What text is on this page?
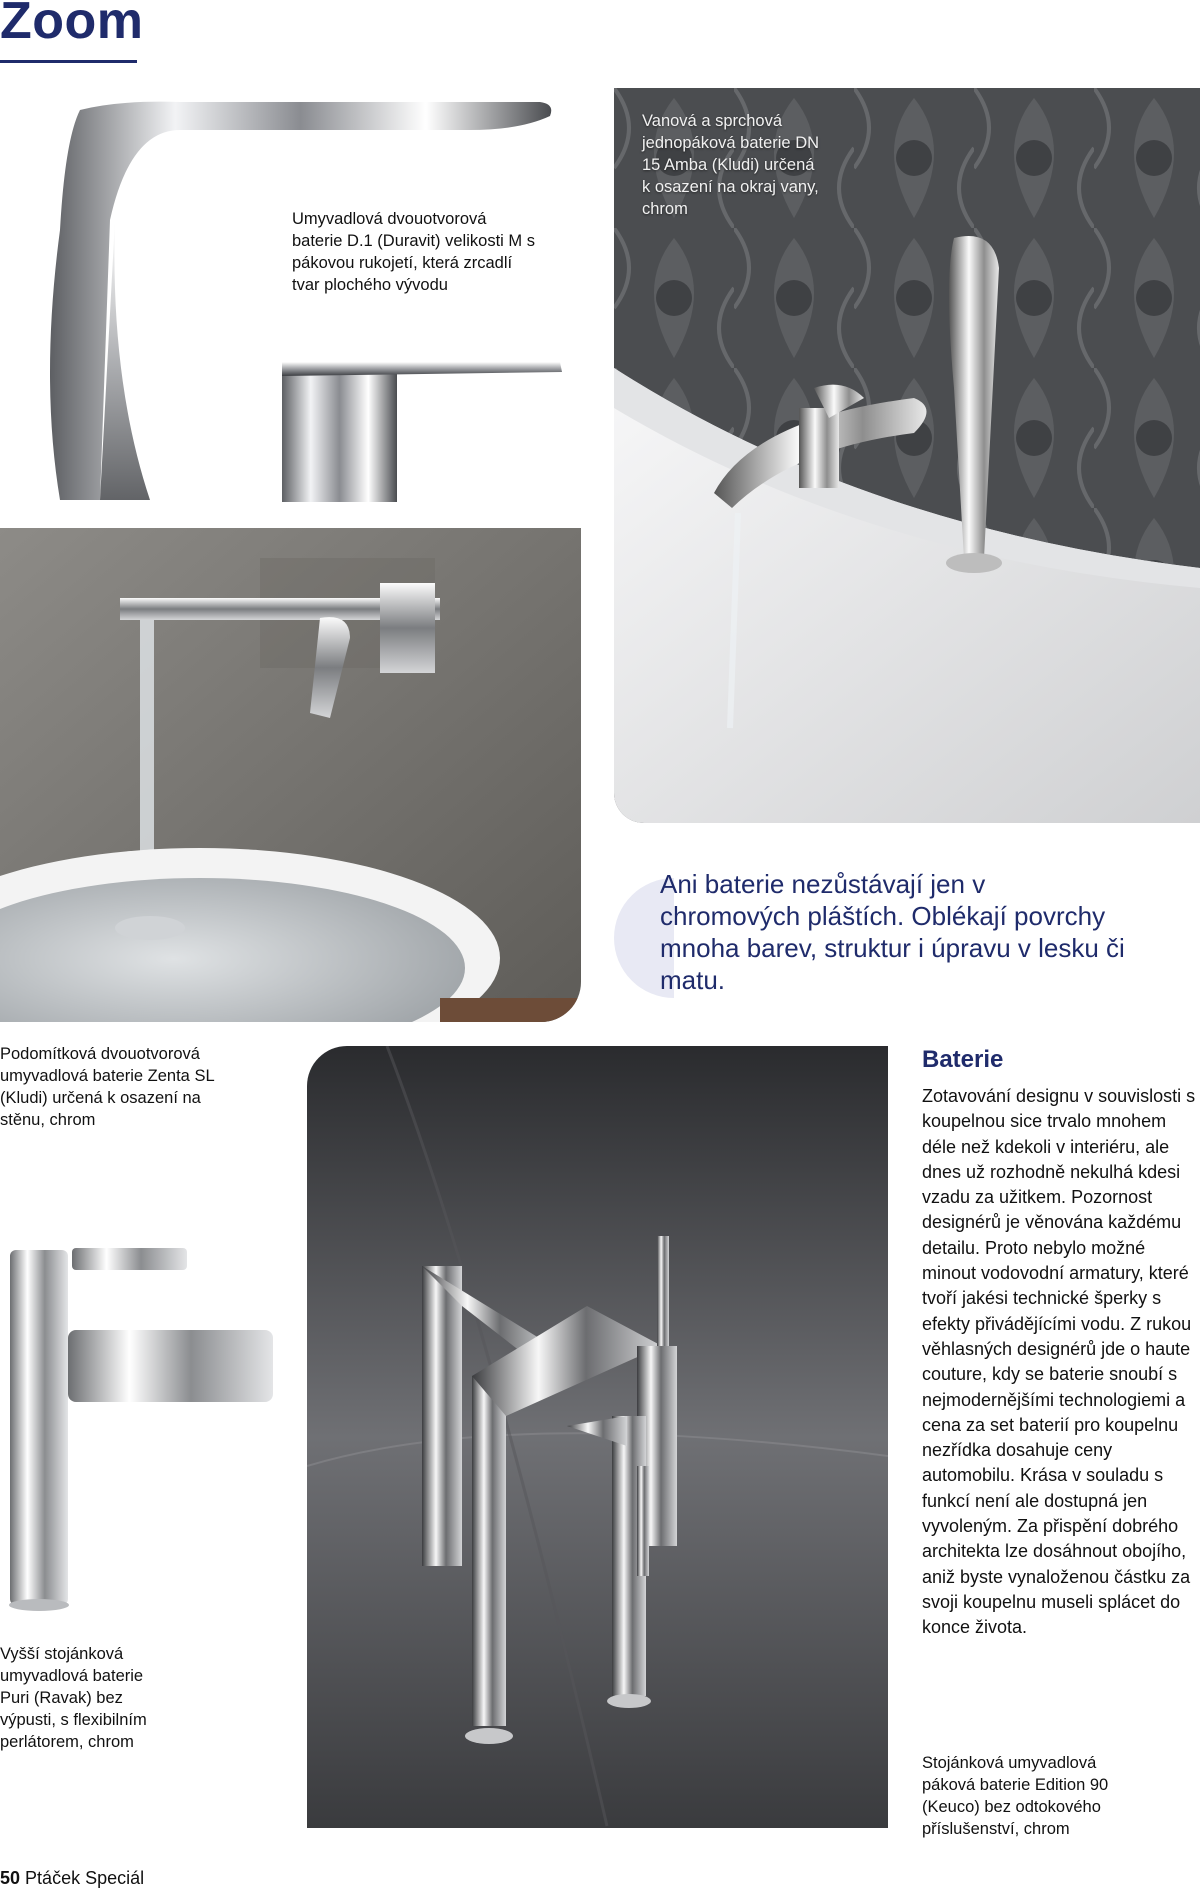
Zoom
Umyvadlová dvouotvorová baterie D.1 (Duravit) velikosti M s pákovou rukojetí, která zrcadlí tvar plochého vývodu
Vanová a sprchová jednopáková baterie DN 15 Amba (Kludi) určená k osazení na okraj vany, chrom
Ani baterie nezůstávají jen v chromových pláštích. Oblékají povrchy mnoha barev, struktur i úpravu v lesku či matu.
Podomítková dvouotvorová umyvadlová baterie Zenta SL (Kludi) určená k osazení na stěnu, chrom
Vyšší stojánková umyvadlová baterie Puri (Ravak) bez výpusti, s flexibilním perlátorem, chrom
Baterie
Zotavování designu v souvislosti s koupelnou sice trvalo mnohem déle než kdekoli v interiéru, ale dnes už rozhodně nekulhá kdesi vzadu za užitkem. Pozornost designérů je věnována každému detailu. Proto nebylo možné minout vodovodní armatury, které tvoří jakési technické šperky s efekty přivádějícími vodu. Z rukou věhlasných designérů jde o haute couture, kdy se baterie snoubí s nejmodernějšími technologiemi a cena za set baterií pro koupelnu nezřídka dosahuje ceny automobilu. Krása v souladu s funkcí není ale dostupná jen vyvoleným. Za přispění dobrého architekta lze dosáhnout obojího, aniž byste vynaloženou částku za svoji koupelnu museli splácet do konce života.
Stojánková umyvadlová páková baterie Edition 90 (Keuco) bez odtokového příslušenství, chrom
50 Ptáček Speciál
